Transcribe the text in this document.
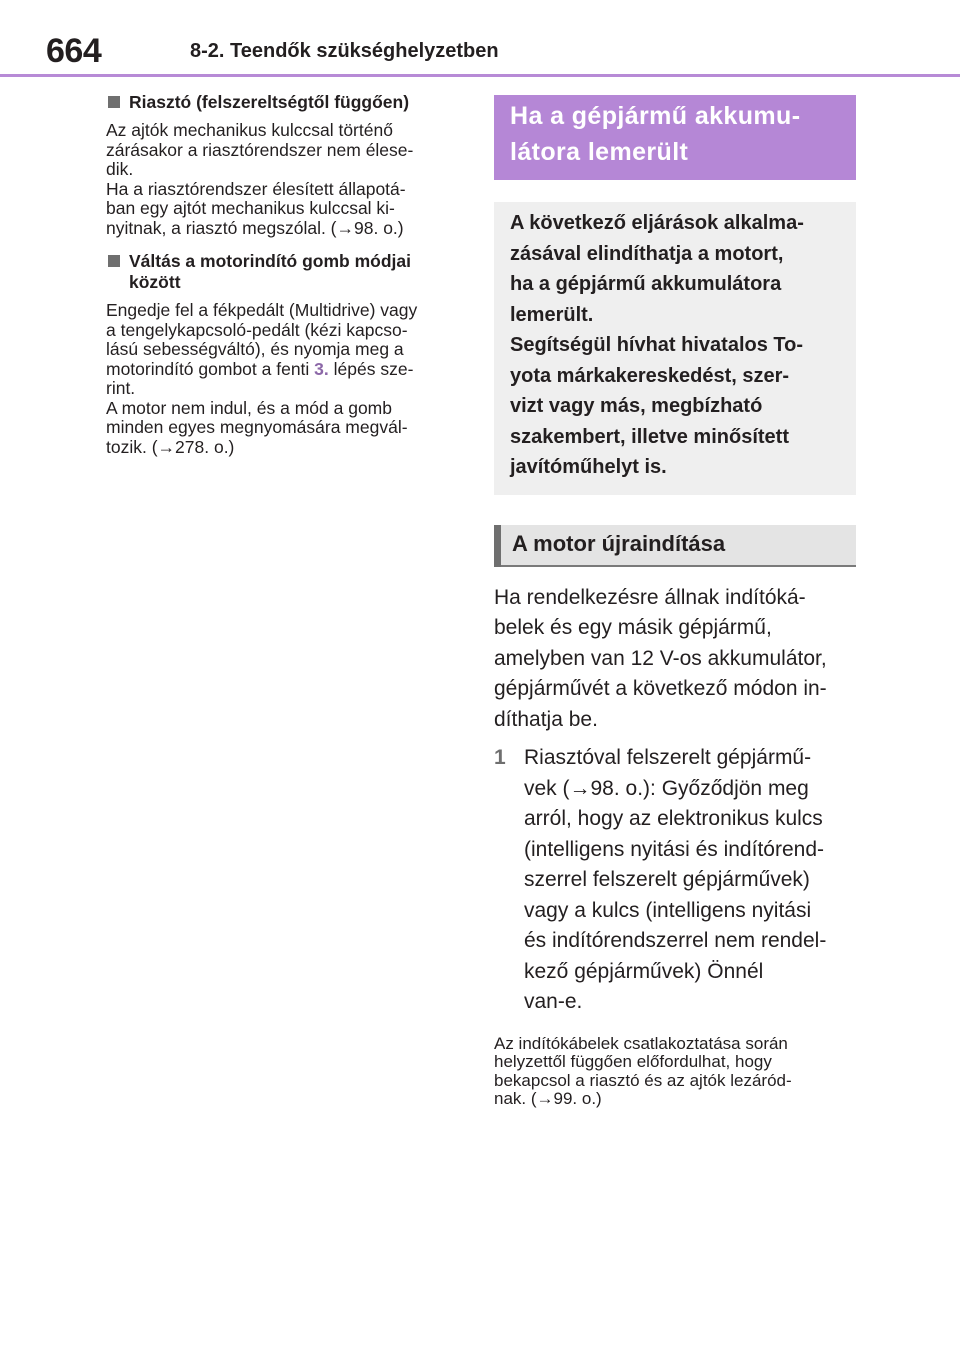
664	8-2. Teendők szükséghelyzetben
Riasztó (felszereltségtől függően)

Az ajtók mechanikus kulccsal történő
zárásakor a riasztórendszer nem élese-
dik.
Ha a riasztórendszer élesített állapotá-
ban egy ajtót mechanikus kulccsal ki-
nyitnak, a riasztó megszólal. (→98. o.)

Váltás a motorindító gomb módjai
között

Engedje fel a fékpedált (Multidrive) vagy
a tengelykapcsoló-pedált (kézi kapcso-
lású sebességváltó), és nyomja meg a
motorindító gombot a fenti 3. lépés sze-
rint.
A motor nem indul, és a mód a gomb
minden egyes megnyomására megvál-
tozik. (→278. o.)

Ha a gépjármű akkumu-
látora lemerült
A következő eljárások alkalma-
zásával elindíthatja a motort,
ha a gépjármű akkumulátora
lemerült.
Segítségül hívhat hivatalos To-
yota márkakereskedést, szer-
vizt vagy más, megbízható
szakembert, illetve minősített
javítóműhelyt is.
A motor újraindítása
Ha rendelkezésre állnak indítóká-
belek és egy másik gépjármű,
amelyben van 12 V-os akkumulátor,
gépjárművét a következő módon in-
díthatja be.
1 Riasztóval felszerelt gépjármű-
vek (→98. o.): Győződjön meg
arról, hogy az elektronikus kulcs
(intelligens nyitási és indítórend-
szerrel felszerelt gépjárművek)
vagy a kulcs (intelligens nyitási
és indítórendszerrel nem rendel-
kező gépjárművek) Önnél
van-e.
Az indítókábelek csatlakoztatása során
helyzettől függően előfordulhat, hogy
bekapcsol a riasztó és az ajtók lezáród-
nak. (→99. o.)
